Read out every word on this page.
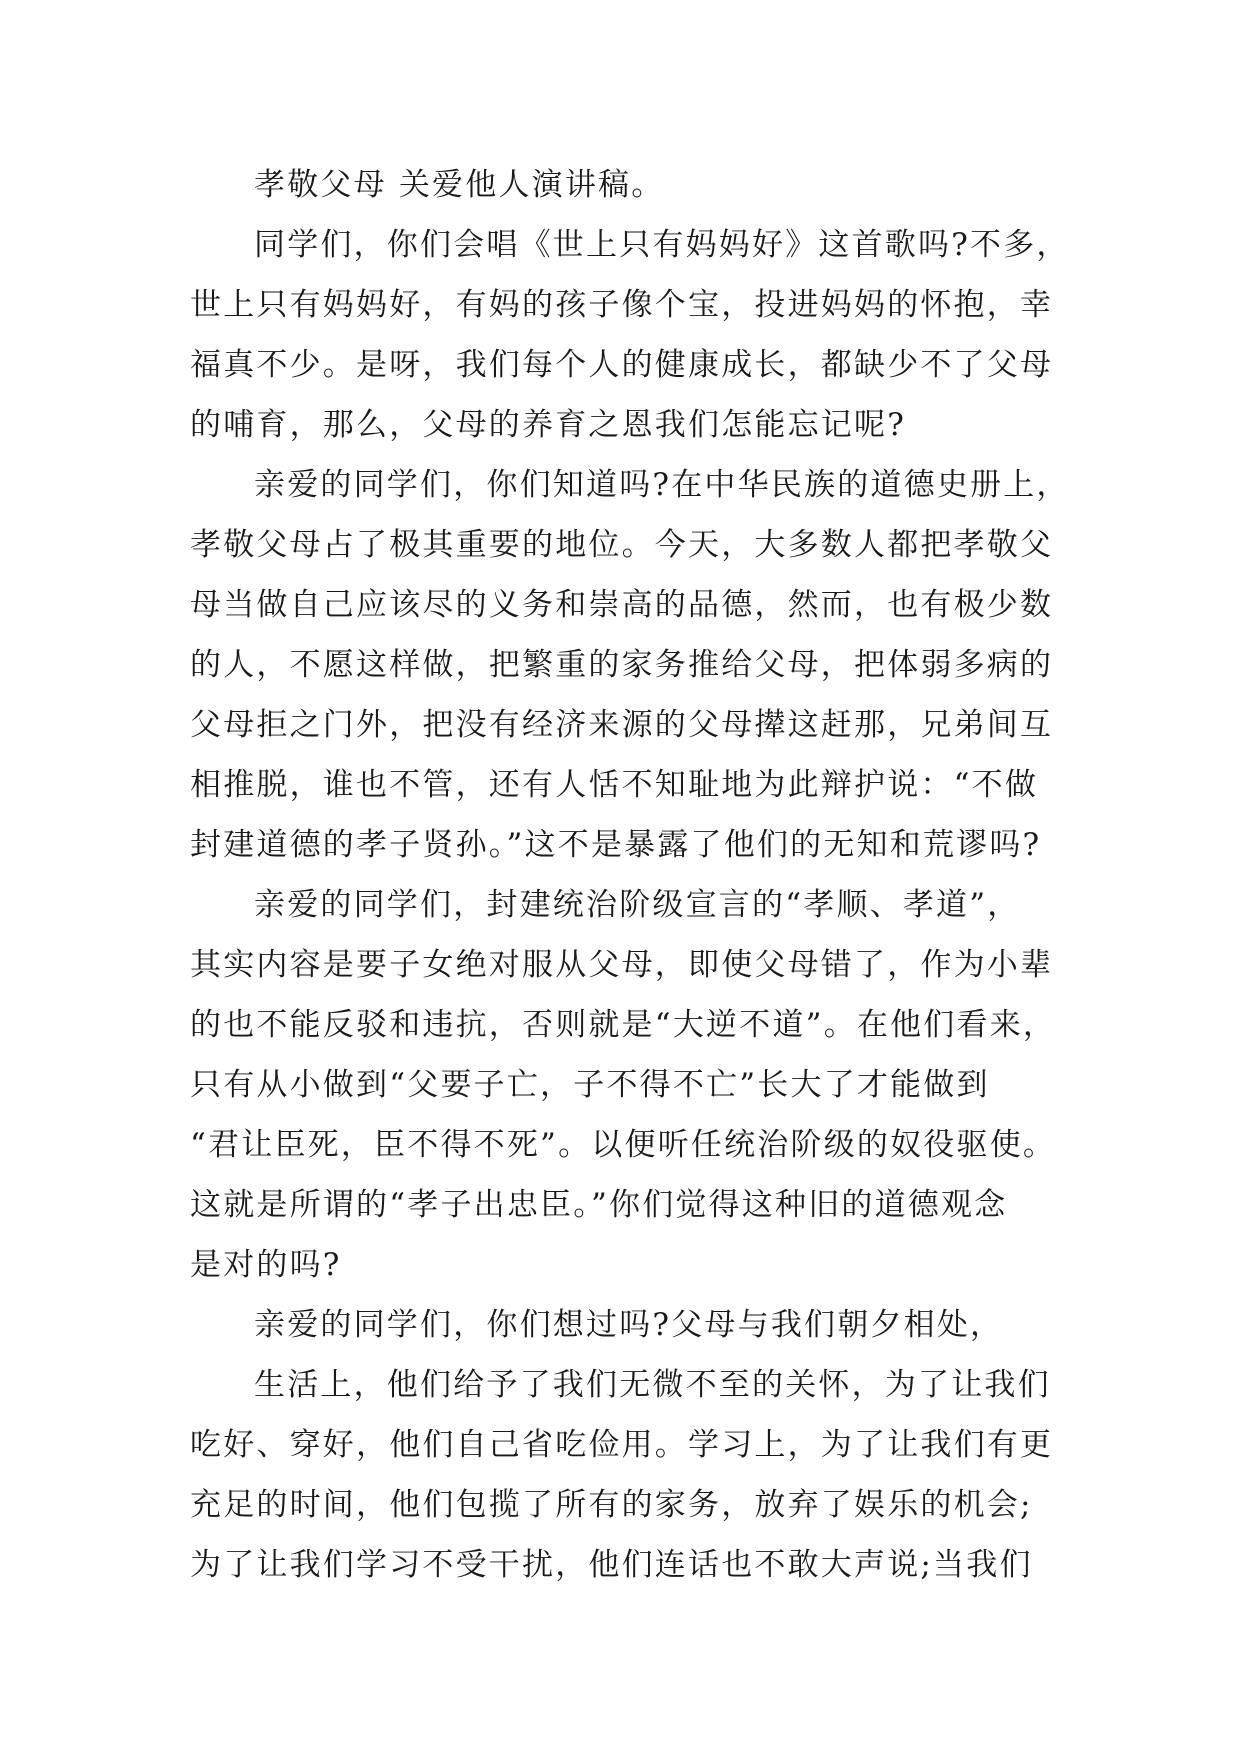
孝敬父母 关爱他人演讲稿。
同学们，你们会唱《世上只有妈妈好》这首歌吗?不多，
世上只有妈妈好，有妈的孩子像个宝，投进妈妈的怀抱，幸
福真不少。是呀，我们每个人的健康成长，都缺少不了父母
的哺育，那么，父母的养育之恩我们怎能忘记呢?
亲爱的同学们，你们知道吗?在中华民族的道德史册上，
孝敬父母占了极其重要的地位。今天，大多数人都把孝敬父
母当做自己应该尽的义务和崇高的品德，然而，也有极少数
的人，不愿这样做，把繁重的家务推给父母，把体弱多病的
父母拒之门外，把没有经济来源的父母撵这赶那，兄弟间互
相推脱，谁也不管，还有人恬不知耻地为此辩护说：“不做
封建道德的孝子贤孙。”这不是暴露了他们的无知和荒谬吗?
亲爱的同学们，封建统治阶级宣言的“孝顺、孝道”，
其实内容是要子女绝对服从父母，即使父母错了，作为小辈
的也不能反驳和违抗，否则就是“大逆不道”。在他们看来，
只有从小做到“父要子亡，子不得不亡”长大了才能做到
“君让臣死，臣不得不死”。以便听任统治阶级的奴役驱使。
这就是所谓的“孝子出忠臣。”你们觉得这种旧的道德观念
是对的吗?
亲爱的同学们，你们想过吗?父母与我们朝夕相处，
生活上，他们给予了我们无微不至的关怀，为了让我们
吃好、穿好，他们自己省吃俭用。学习上，为了让我们有更
充足的时间，他们包揽了所有的家务，放弃了娱乐的机会;
为了让我们学习不受干扰，他们连话也不敢大声说;当我们
